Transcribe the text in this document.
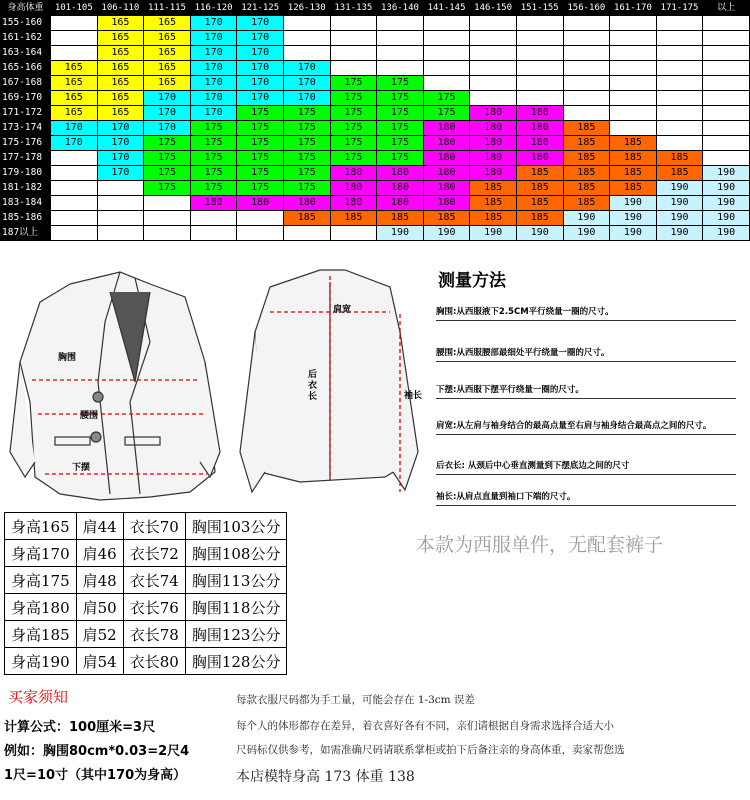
身高体重	101-105	106-110	111-115	116-120	121-125	126-130	131-135	136-140	141-145	146-150	151-155	156-160	161-170	171-175	以上
155-160		165	165	170	170										
161-162		165	165	170	170										
163-164		165	165	170	170										
165-166	165	165	165	170	170	170									
167-168	165	165	165	170	170	170	175	175							
169-170	165	165	170	170	170	170	175	175	175						
171-172	165	165	170	170	175	175	175	175	175	180	180				
173-174	170	170	170	175	175	175	175	175	180	180	180	185			
175-176	170	170	175	175	175	175	175	175	180	180	180	185	185		
177-178		170	175	175	175	175	175	175	180	180	180	185	185	185	
179-180		170	175	175	175	175	180	180	180	180	185	185	185	185	190
181-182			175	175	175	175	180	180	180	185	185	185	185	190	190
183-184				180	180	180	180	180	180	185	185	185	190	190	190
185-186						185	185	185	185	185	185	190	190	190	190
187以上								190	190	190	190	190	190	190	190
胸围
腰围
下摆
肩宽
后衣长	袖长
测量方法
胸围:从西服液下2.5CM平行绕量一圈的尺寸。
腰围:从西服腰部最细处平行绕量一圈的尺寸。
下摆:从西服下摆平行绕量一圈的尺寸。
肩宽:从左肩与袖身结合的最高点量至右肩与袖身结合最高点之间的尺寸。
后衣长: 从颈后中心垂直测量到下摆底边之间的尺寸
袖长:从肩点直量到袖口下端的尺寸。
身高165	肩44	衣长70	胸围103公分
身高170	肩46	衣长72	胸围108公分
身高175	肩48	衣长74	胸围113公分
身高180	肩50	衣长76	胸围118公分
身高185	肩52	衣长78	胸围123公分
身高190	肩54	衣长80	胸围128公分
本款为西服单件，无配套裤子
买家须知
计算公式：100厘米=3尺
例如：胸围80cm*0.03=2尺4
1尺=10寸（其中170为身高）
每款衣服尺码都为手工量，可能会存在 1-3cm 误差
每个人的体形都存在差异，着衣喜好各有不同，亲们请根据自身需求选择合适大小
尺码标仅供参考，如需准确尺码请联系掌柜或拍下后备注亲的身高体重，卖家帮您选
本店模特身高 173 体重 138
